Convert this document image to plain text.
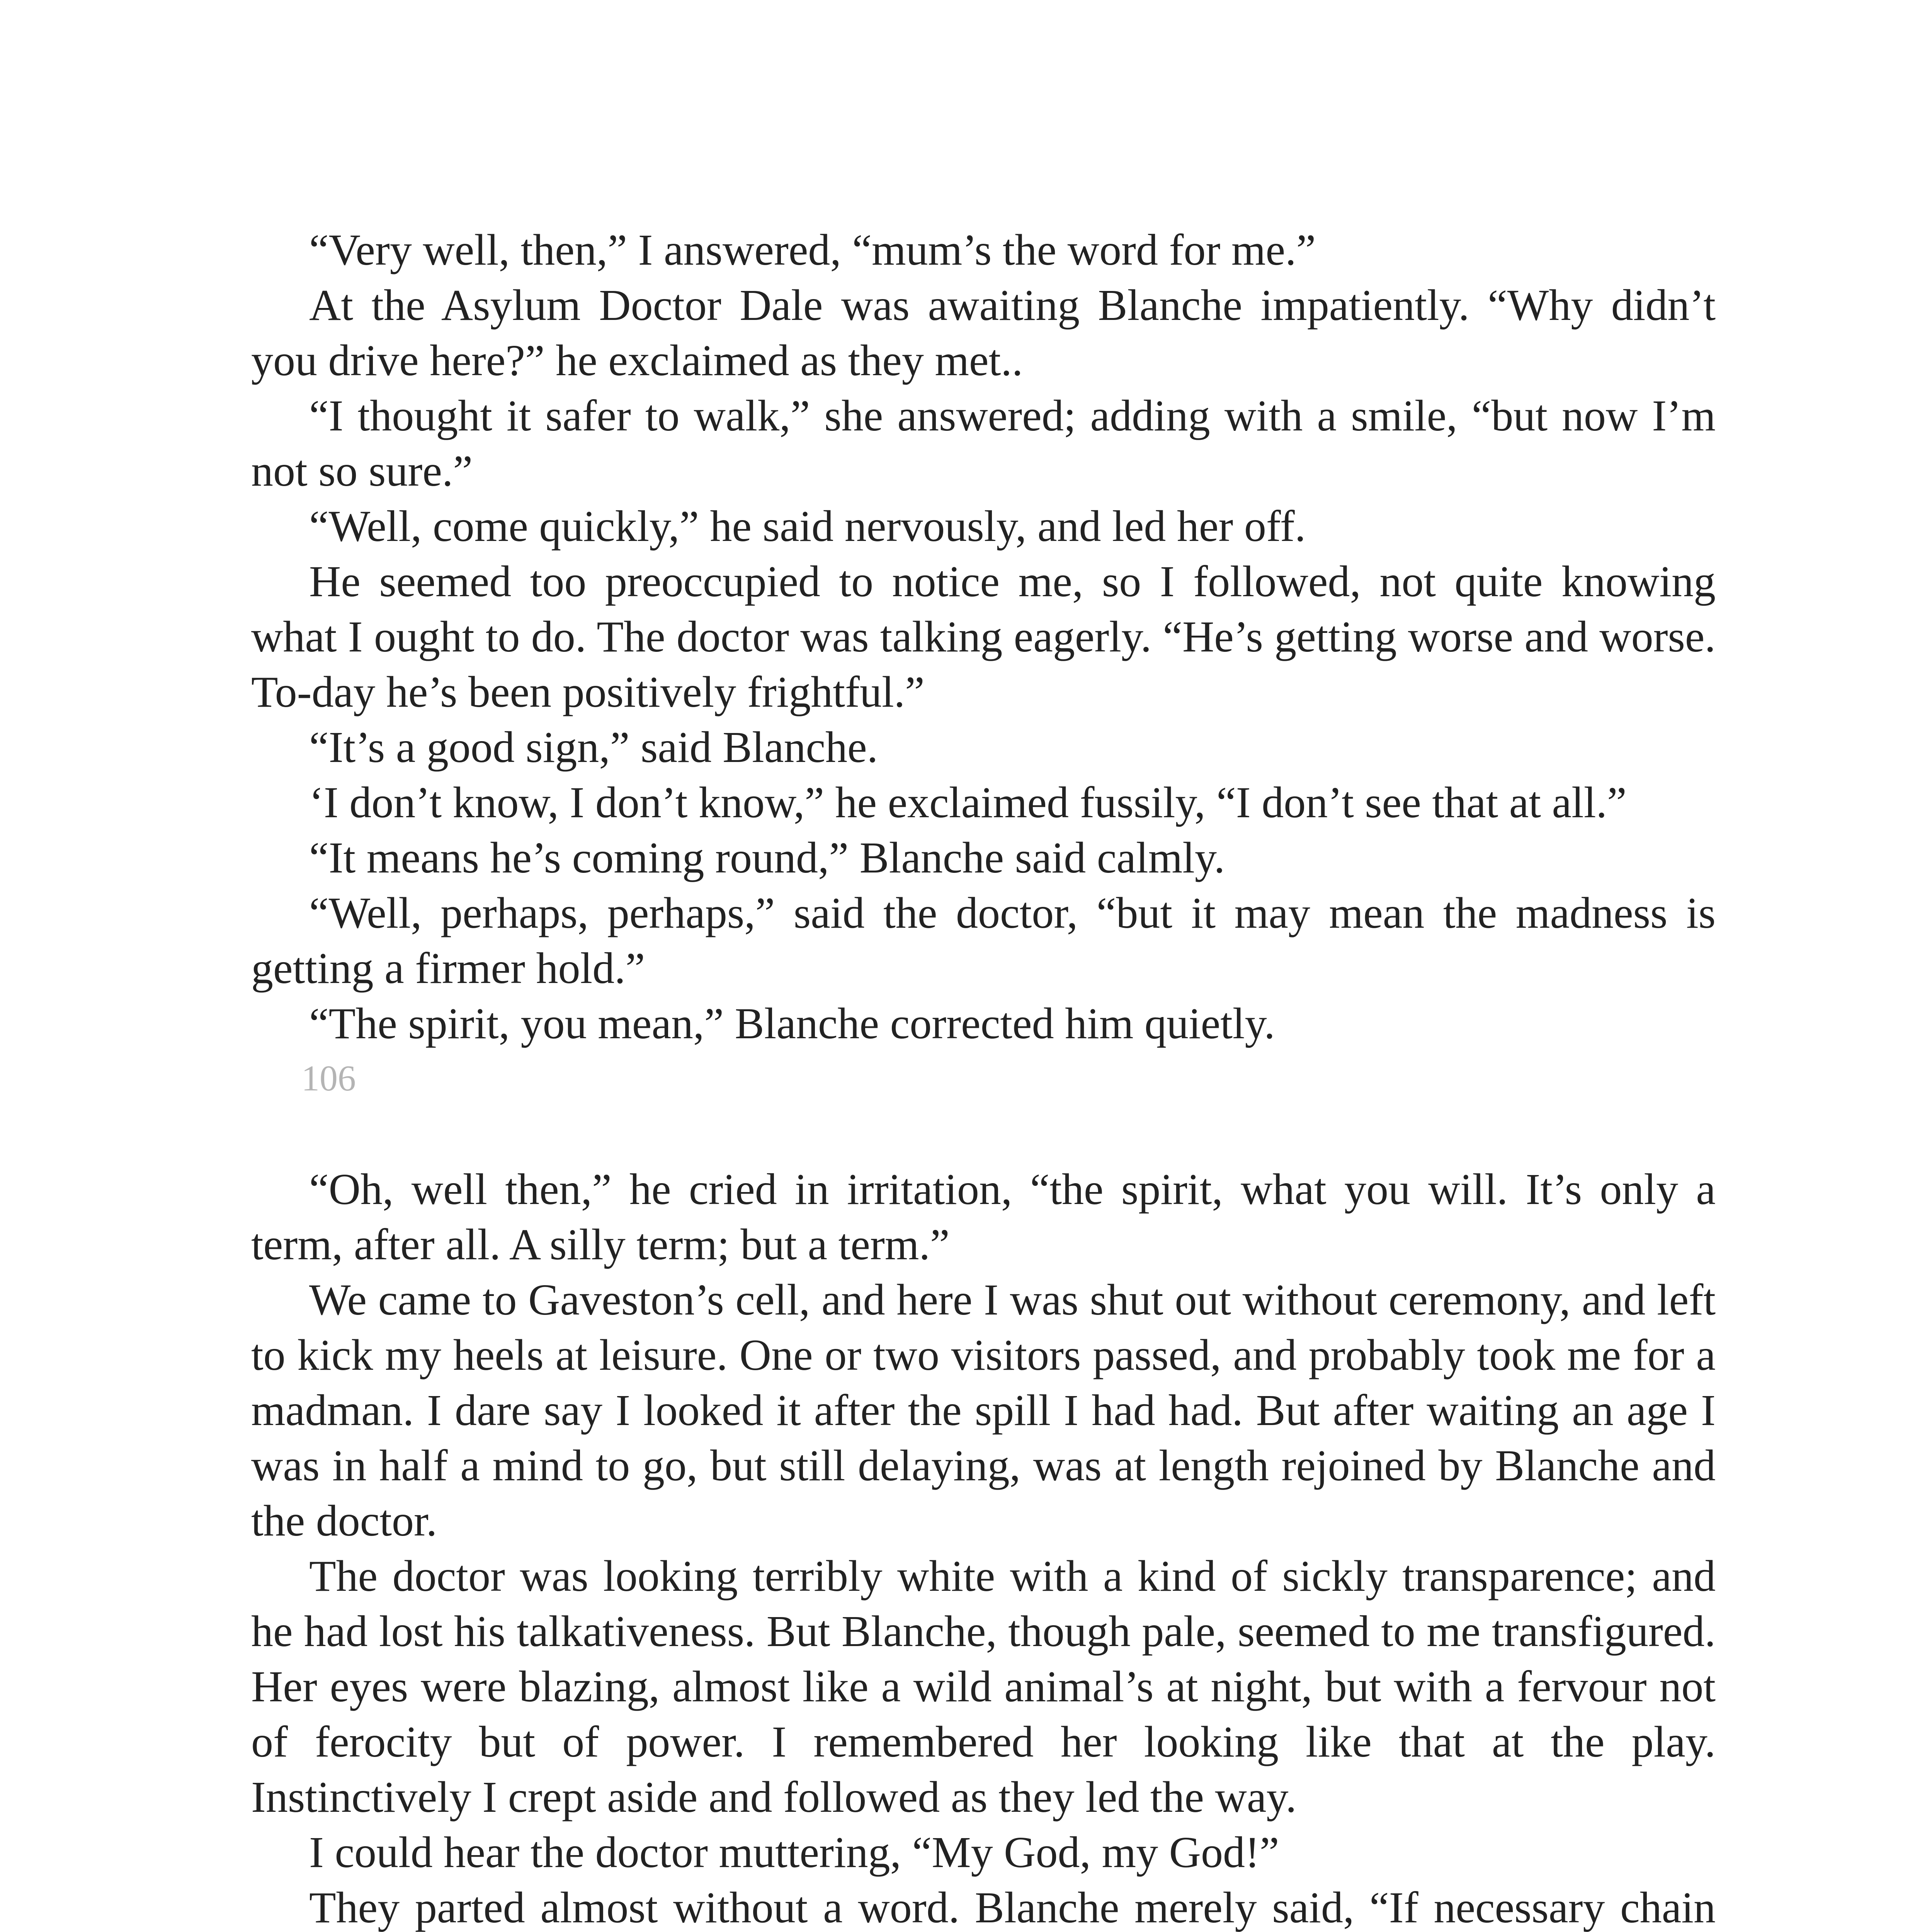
“Very well, then,” I answered, “mum’s the word for me.”

At the Asylum Doctor Dale was awaiting Blanche impatiently. “Why didn’t you drive here?” he exclaimed as they met..

“I thought it safer to walk,” she answered; adding with a smile, “but now I’m not so sure.”

“Well, come quickly,” he said nervously, and led her off.

He seemed too preoccupied to notice me, so I followed, not quite knowing what I ought to do. The doctor was talking eagerly. “He’s getting worse and worse. To-day he’s been positively frightful.”

“It’s a good sign,” said Blanche.

‘I don’t know, I don’t know,” he exclaimed fussily, “I don’t see that at all.”

“It means he’s coming round,” Blanche said calmly.

“Well, perhaps, perhaps,” said the doctor, “but it may mean the madness is getting a firmer hold.”

“The spirit, you mean,” Blanche corrected him quietly.

106

“Oh, well then,” he cried in irritation, “the spirit, what you will. It’s only a term, after all. A silly term; but a term.”

We came to Gaveston’s cell, and here I was shut out without ceremony, and left to kick my heels at leisure. One or two visitors passed, and probably took me for a madman. I dare say I looked it after the spill I had had. But after waiting an age I was in half a mind to go, but still delaying, was at length rejoined by Blanche and the doctor.

The doctor was looking terribly white with a kind of sickly transparence; and he had lost his talkativeness. But Blanche, though pale, seemed to me transfigured. Her eyes were blazing, almost like a wild animal’s at night, but with a fervour not of ferocity but of power. I remembered her looking like that at the play. Instinctively I crept aside and followed as they led the way.

I could hear the doctor muttering, “My God, my God!”

They parted almost without a word. Blanche merely said, “If necessary chain
